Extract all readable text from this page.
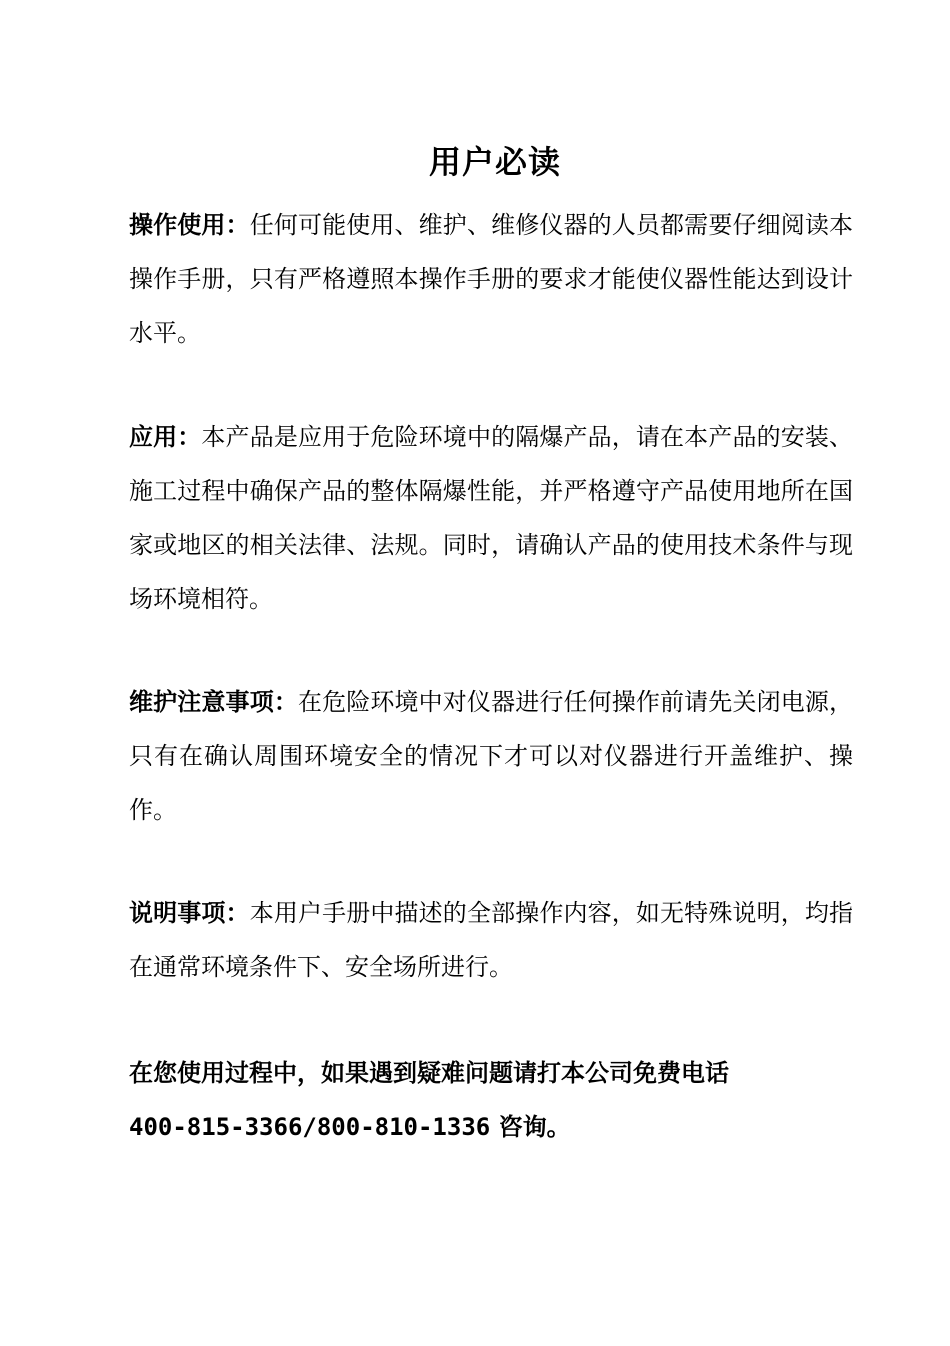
用户必读
操作使用：任何可能使用、维护、维修仪器的人员都需要仔细阅读本操作手册，只有严格遵照本操作手册的要求才能使仪器性能达到设计水平。
应用：本产品是应用于危险环境中的隔爆产品，请在本产品的安装、施工过程中确保产品的整体隔爆性能，并严格遵守产品使用地所在国家或地区的相关法律、法规。同时，请确认产品的使用技术条件与现场环境相符。
维护注意事项：在危险环境中对仪器进行任何操作前请先关闭电源，只有在确认周围环境安全的情况下才可以对仪器进行开盖维护、操作。
说明事项：本用户手册中描述的全部操作内容，如无特殊说明，均指在通常环境条件下、安全场所进行。
在您使用过程中，如果遇到疑难问题请打本公司免费电话
400-815-3366/800-810-1336 咨询。
